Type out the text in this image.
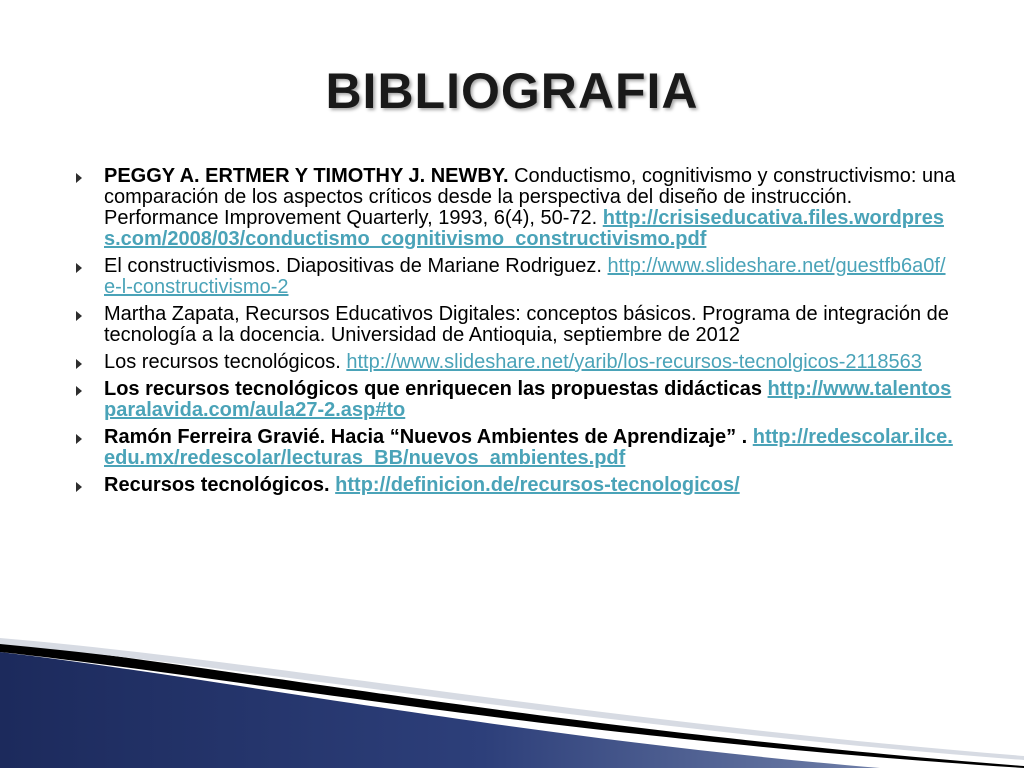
BIBLIOGRAFIA
PEGGY A. ERTMER Y TIMOTHY J. NEWBY. Conductismo, cognitivismo y constructivismo: una comparación de los aspectos críticos desde la perspectiva del diseño de instrucción. Performance Improvement Quarterly, 1993, 6(4), 50-72. http://crisiseducativa.files.wordpress.com/2008/03/conductismo_cognitivismo_constructivismo.pdf
El constructivismos. Diapositivas de Mariane Rodriguez. http://www.slideshare.net/guestfb6a0f/e-l-constructivismo-2
Martha Zapata, Recursos Educativos Digitales: conceptos básicos. Programa de integración de tecnología a la docencia. Universidad de Antioquia, septiembre de 2012
Los recursos tecnológicos. http://www.slideshare.net/yarib/los-recursos-tecnolgicos-2118563
Los recursos tecnológicos que enriquecen las propuestas didácticas http://www.talentosparalavida.com/aula27-2.asp#to
Ramón Ferreira Gravié. Hacia “Nuevos Ambientes de Aprendizaje” . http://redescolar.ilce.edu.mx/redescolar/lecturas_BB/nuevos_ambientes.pdf
Recursos tecnológicos. http://definicion.de/recursos-tecnologicos/
